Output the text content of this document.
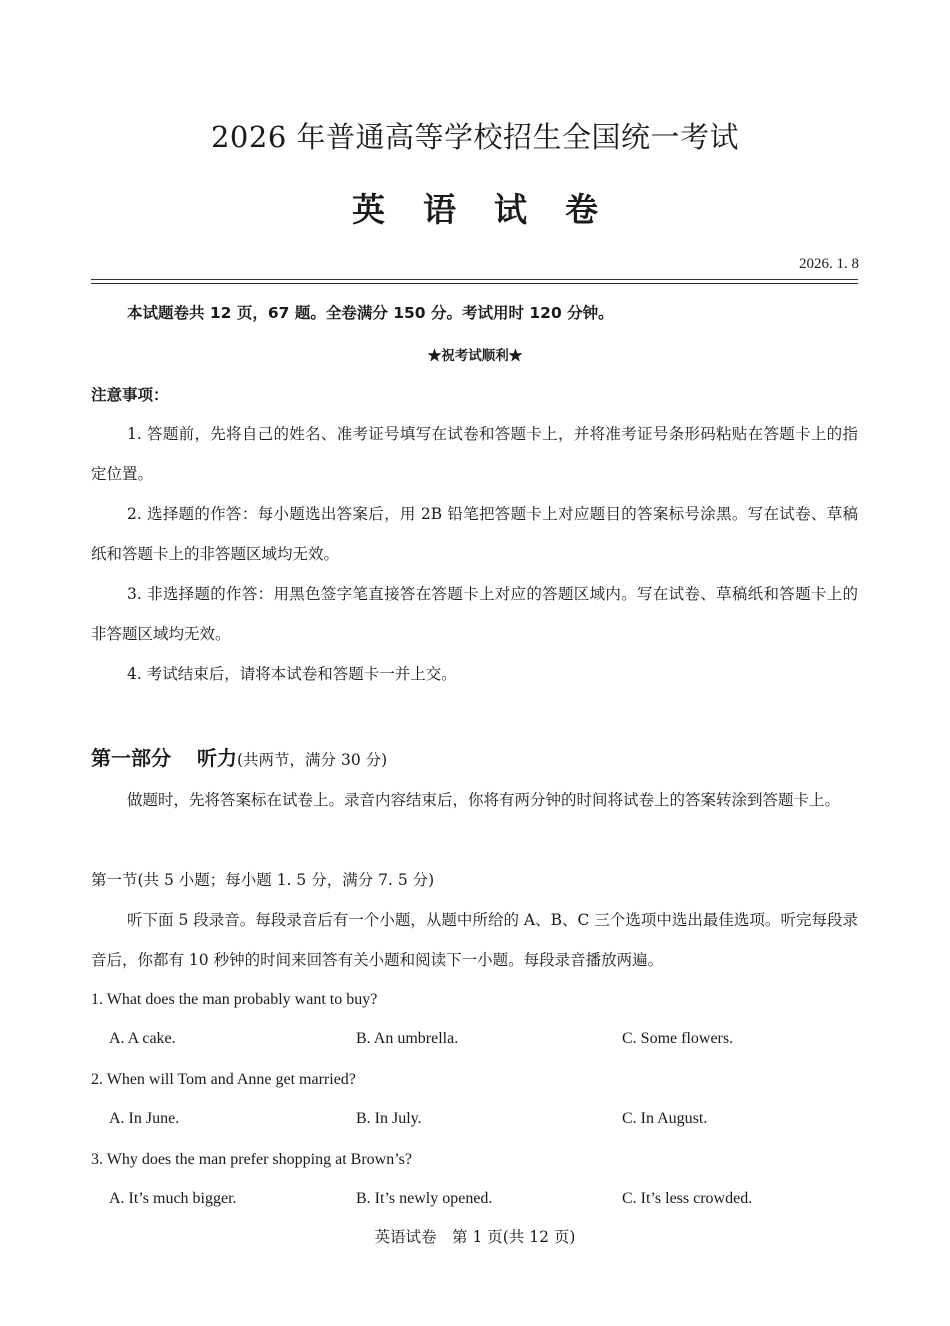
2026 年普通高等学校招生全国统一考试
英语试卷
2026. 1. 8
本试题卷共 12 页，67 题。全卷满分 150 分。考试用时 120 分钟。
★祝考试顺利★
注意事项：

1. 答题前，先将自己的姓名、准考证号填写在试卷和答题卡上，并将准考证号条形码粘贴在答题卡上的指定位置。

2. 选择题的作答：每小题选出答案后，用 2B 铅笔把答题卡上对应题目的答案标号涂黑。写在试卷、草稿纸和答题卡上的非答题区域均无效。

3. 非选择题的作答：用黑色签字笔直接答在答题卡上对应的答题区域内。写在试卷、草稿纸和答题卡上的非答题区域均无效。

4. 考试结束后，请将本试卷和答题卡一并上交。

第一部分 听力(共两节，满分 30 分)

做题时，先将答案标在试卷上。录音内容结束后，你将有两分钟的时间将试卷上的答案转涂到答题卡上。

第一节(共 5 小题；每小题 1. 5 分，满分 7. 5 分)

听下面 5 段录音。每段录音后有一个小题，从题中所给的 A、B、C 三个选项中选出最佳选项。听完每段录音后，你都有 10 秒钟的时间来回答有关小题和阅读下一小题。每段录音播放两遍。

1. What does the man probably want to buy?
A. A cake.	B. An umbrella.	C. Some flowers.
2. When will Tom and Anne get married?
A. In June.	B. In July.	C. In August.
3. Why does the man prefer shopping at Brown’s?
A. It’s much bigger.	B. It’s newly opened.	C. It’s less crowded.
英语试卷　第 1 页(共 12 页)
